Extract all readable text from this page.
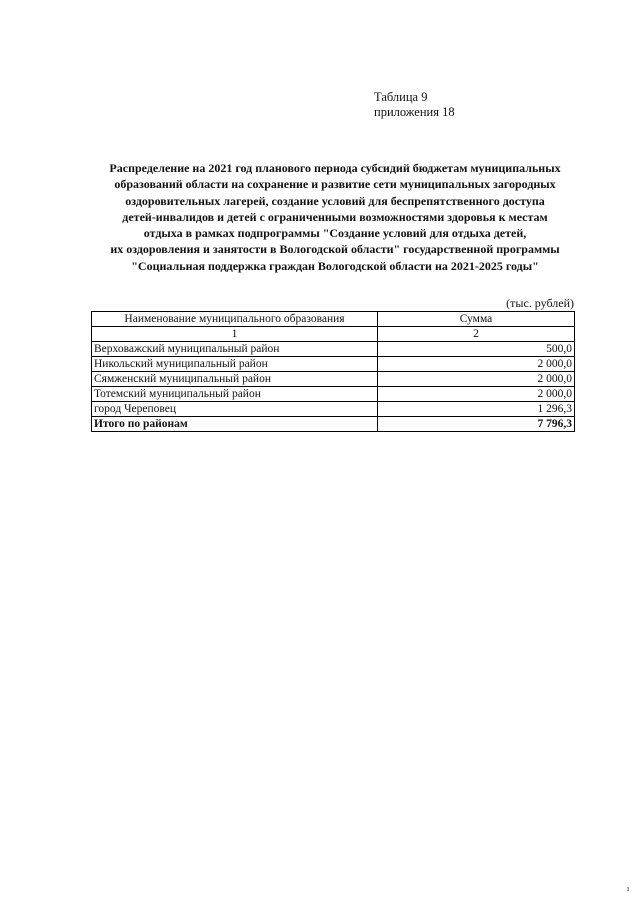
Таблица 9
приложения 18
Распределение на 2021 год планового периода субсидий бюджетам муниципальных
образований области на сохранение и развитие сети муниципальных загородных
оздоровительных лагерей, создание условий для беспрепятственного доступа
детей-инвалидов и детей с ограниченными возможностями здоровья к местам
отдыха в рамках подпрограммы "Создание условий для отдыха детей,
их оздоровления и занятости в Вологодской области" государственной программы
"Социальная поддержка граждан Вологодской области на 2021-2025 годы"
(тыс. рублей)
Наименование муниципального образования	Сумма
1	2
Верховажский муниципальный район	500,0
Никольский муниципальный район	2 000,0
Сямженский муниципальный район	2 000,0
Тотемский муниципальный район	2 000,0
город Череповец	1 296,3
Итого по районам	7 796,3
ı
